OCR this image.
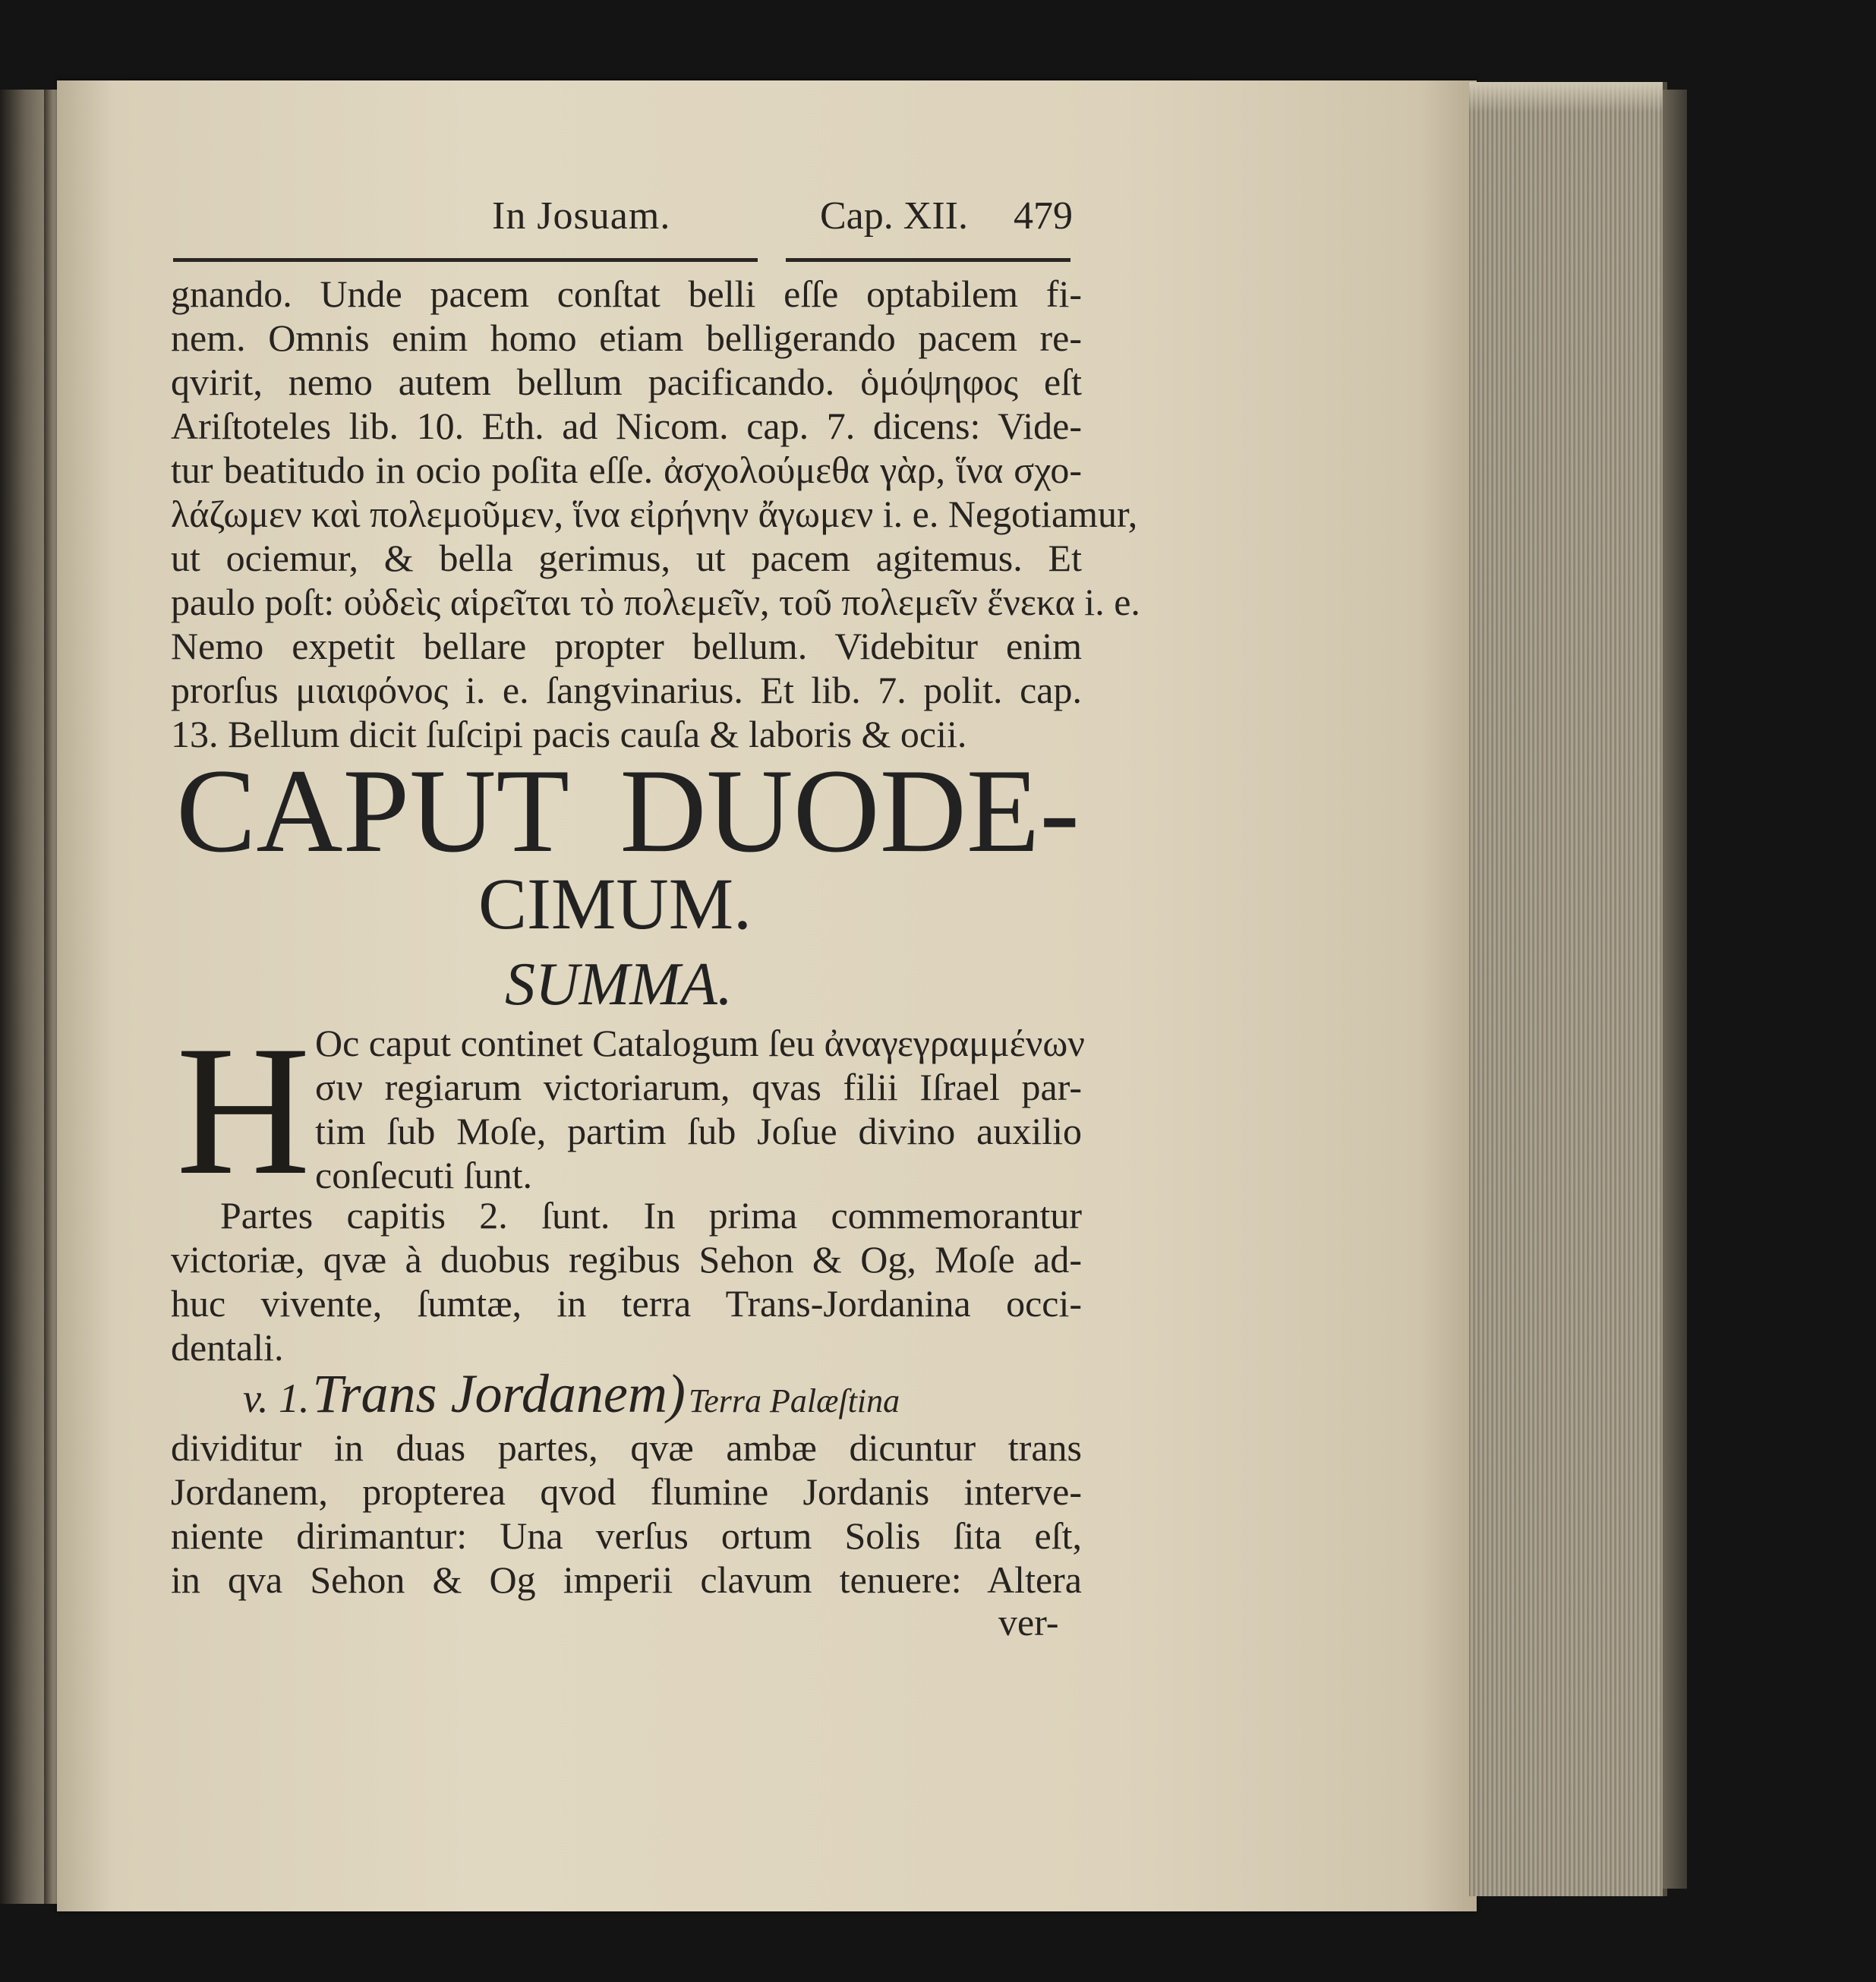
In Josuam.	Cap. XII. 479
gnando. Unde pacem conſtat belli eſſe optabilem fi-
nem. Omnis enim homo etiam belligerando pacem re-
qvirit, nemo autem bellum pacificando. ὁμόψηφος eſt
Ariſtoteles lib. 10. Eth. ad Nicom. cap. 7. dicens: Vide-
tur beatitudo in ocio poſita eſſe. ἀσχολούμεθα γὰρ, ἵνα σχο-
λάζωμεν καὶ πολεμοῦμεν, ἵνα εἰρήνην ἄγωμεν i. e. Negotiamur,
ut ociemur, & bella gerimus, ut pacem agitemus. Et
paulo poſt: οὐδεὶς αἱρεῖται τὸ πολεμεῖν, τοῦ πολεμεῖν ἕνεκα i. e.
Nemo expetit bellare propter bellum. Videbitur enim
prorſus μιαιφόνος i. e. ſangvinarius. Et lib. 7. polit. cap.
13. Bellum dicit ſuſcipi pacis cauſa & laboris & ocii.
CAPUT DUODE-
CIMUM.
SUMMA.
H Oc caput continet Catalogum ſeu ἀναγεγραμμένων
σιν regiarum victoriarum, qvas filii Iſrael par-
tim ſub Moſe, partim ſub Joſue divino auxilio
conſecuti ſunt.
Partes capitis 2. ſunt. In prima commemorantur
victoriæ, qvæ à duobus regibus Sehon & Og, Moſe ad-
huc vivente, ſumtæ, in terra Trans-Jordanina occi-
dentali.
v. 1. Trans Jordanem) Terra Palæſtina
dividitur in duas partes, qvæ ambæ dicuntur trans
Jordanem, propterea qvod flumine Jordanis interve-
niente dirimantur: Una verſus ortum Solis ſita eſt,
in qva Sehon & Og imperii clavum tenuere: Altera
ver-
